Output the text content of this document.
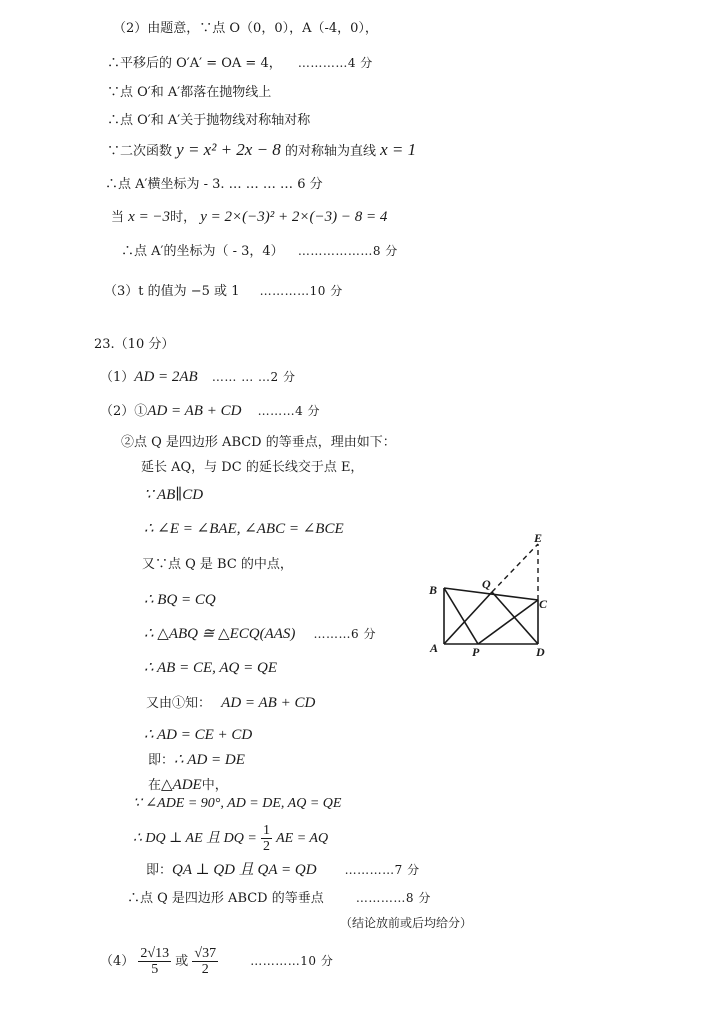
（2）由题意，∵点 O（0，0），A（-4，0），
∴平移后的 O′A′ = OA = 4， …………4 分
∵点 O′和 A′都落在抛物线上
∴点 O′和 A′关于抛物线对称轴对称
∵二次函数 y = x² + 2x − 8 的对称轴为直线 x = 1
∴点 A′横坐标为 - 3. … … … … 6 分
当 x = −3时， y = 2×(−3)² + 2×(−3) − 8 = 4
∴点 A′的坐标为（ - 3，4） ………………8 分
（3）t 的值为 −5 或 1 …………10 分
23.（10 分）
（1）AD = 2AB …… … …2 分
（2）①AD = AB + CD ………4 分
②点 Q 是四边形 ABCD 的等垂点，理由如下：
延长 AQ，与 DC 的延长线交于点 E，
∵ AB∥CD
∴ ∠E = ∠BAE, ∠ABC = ∠BCE
又∵点 Q 是 BC 的中点，
∴ BQ = CQ
∴ △ABQ ≅ △ECQ(AAS) ………6 分
∴ AB = CE, AQ = QE
又由①知： AD = AB + CD
∴ AD = CE + CD
即：∴ AD = DE
在△ADE中，
∵ ∠ADE = 90°, AD = DE, AQ = QE
∴ DQ ⊥ AE 且 DQ = $\frac{1}{2}$ AE = AQ
即：QA ⊥ QD 且 QA = QD …………7 分
∴点 Q 是四边形 ABCD 的等垂点	…………8 分
（结论放前或后均给分）
$(4) \frac{2√13}{5}$ 或 $\frac{√37}{2}$	…………10 分
A
B
C
D
E
P
Q
